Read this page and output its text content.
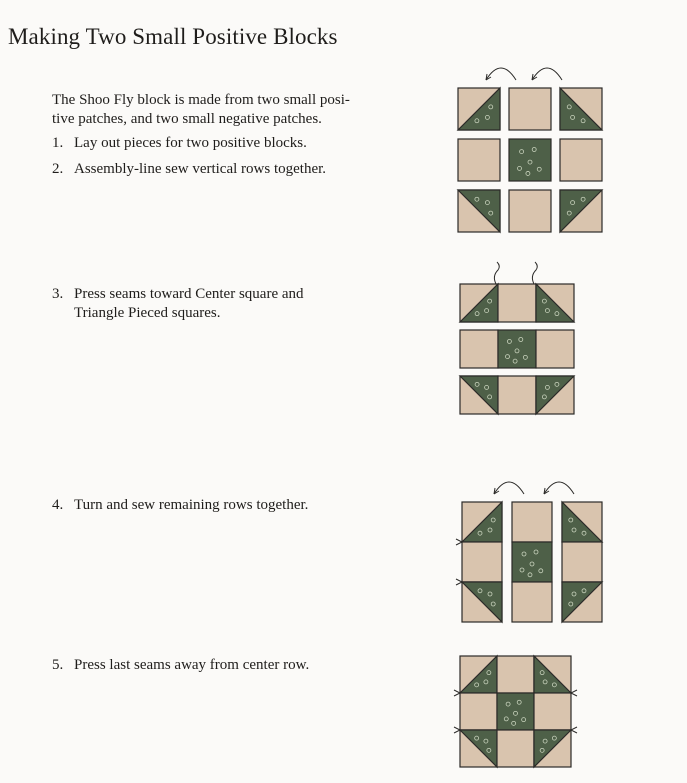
Making Two Small Positive Blocks

The Shoo Fly block is made from two small posi-
tive patches, and two small negative patches.

1. Lay out pieces for two positive blocks.
2. Assembly-line sew vertical rows together.
3. Press seams toward Center square and
Triangle Pieced squares.
4. Turn and sew remaining rows together.
5. Press last seams away from center row.
